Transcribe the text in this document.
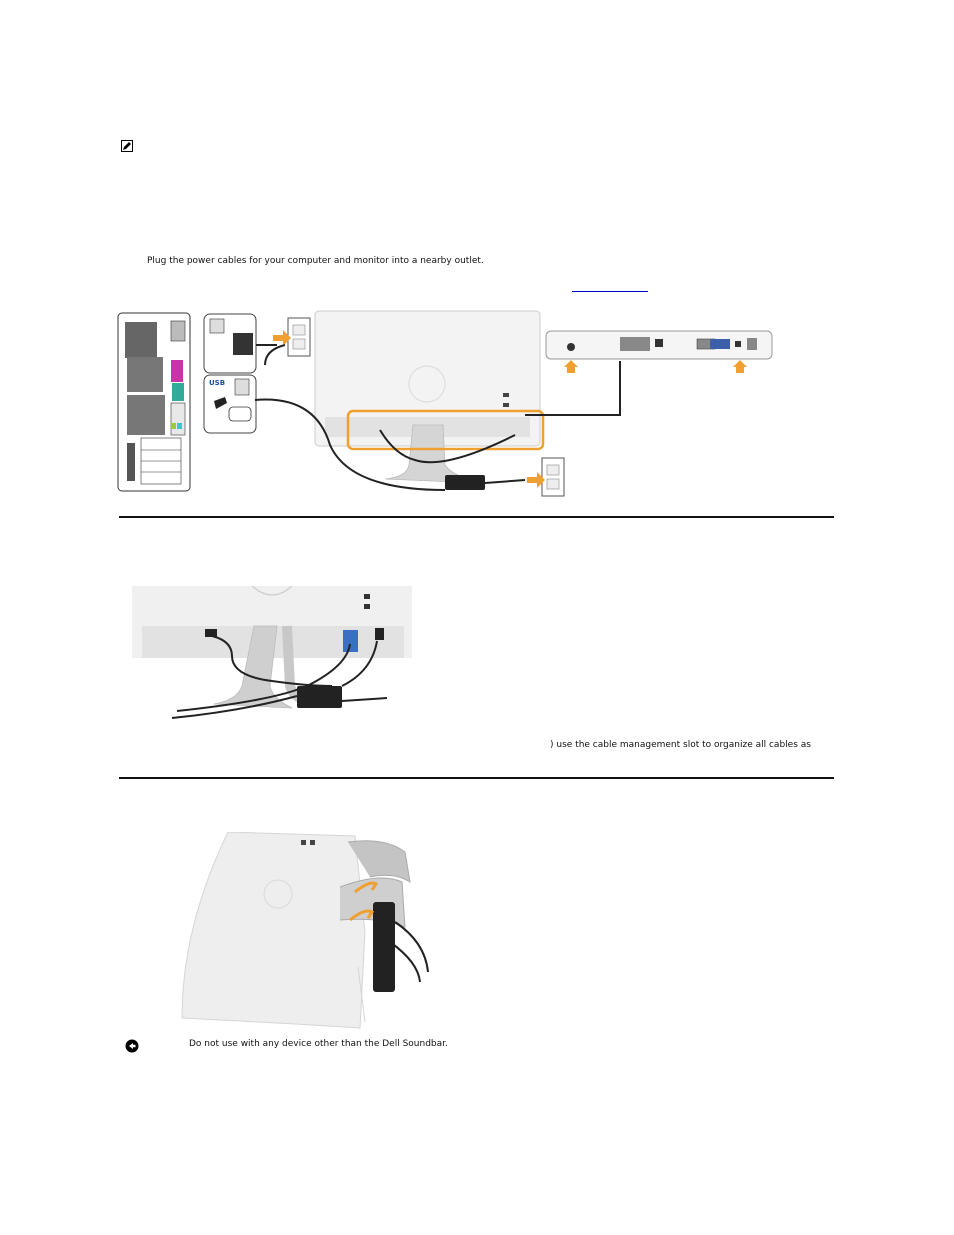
Plug the power cables for your computer and monitor into a nearby outlet.
USB
) use the cable management slot to organize all cables as
Do not use with any device other than the Dell Soundbar.
